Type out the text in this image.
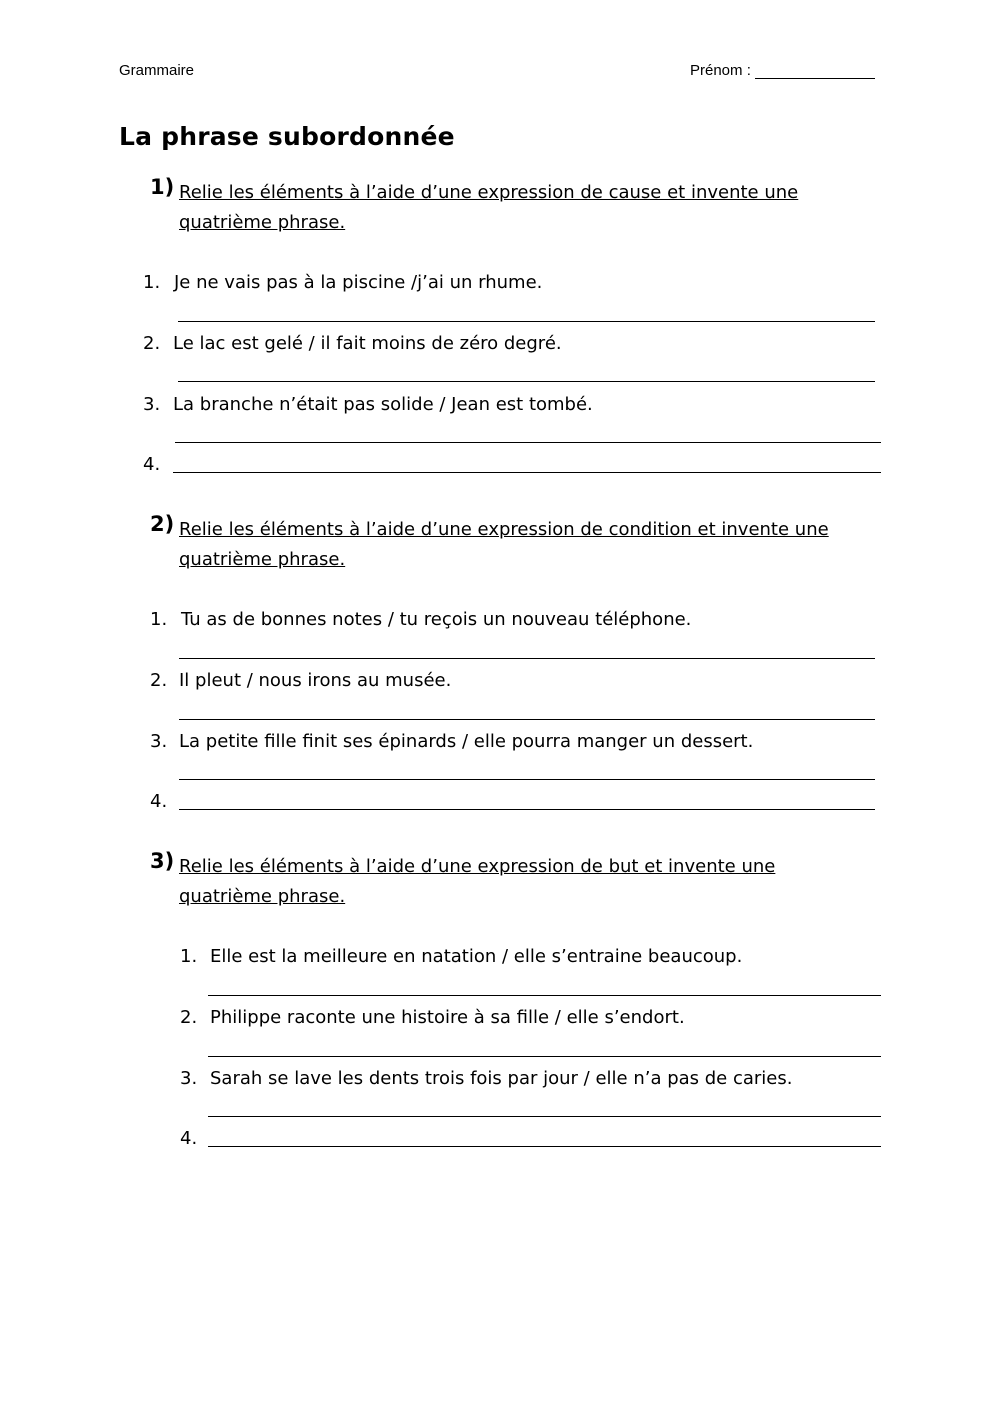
Grammaire	Prénom :
La phrase subordonnée
1) Relie les éléments à l’aide d’une expression de cause et invente une
quatrième phrase.

1. Je ne vais pas à la piscine /j’ai un rhume.
2. Le lac est gelé / il fait moins de zéro degré.
3. La branche n’était pas solide / Jean est tombé.
4.
2) Relie les éléments à l’aide d’une expression de condition et invente une
quatrième phrase.

1. Tu as de bonnes notes / tu reçois un nouveau téléphone.
2. Il pleut / nous irons au musée.
3. La petite fille finit ses épinards / elle pourra manger un dessert.
4.
3) Relie les éléments à l’aide d’une expression de but et invente une
quatrième phrase.

1. Elle est la meilleure en natation / elle s’entraine beaucoup.
2. Philippe raconte une histoire à sa fille / elle s’endort.
3. Sarah se lave les dents trois fois par jour / elle n’a pas de caries.
4.
